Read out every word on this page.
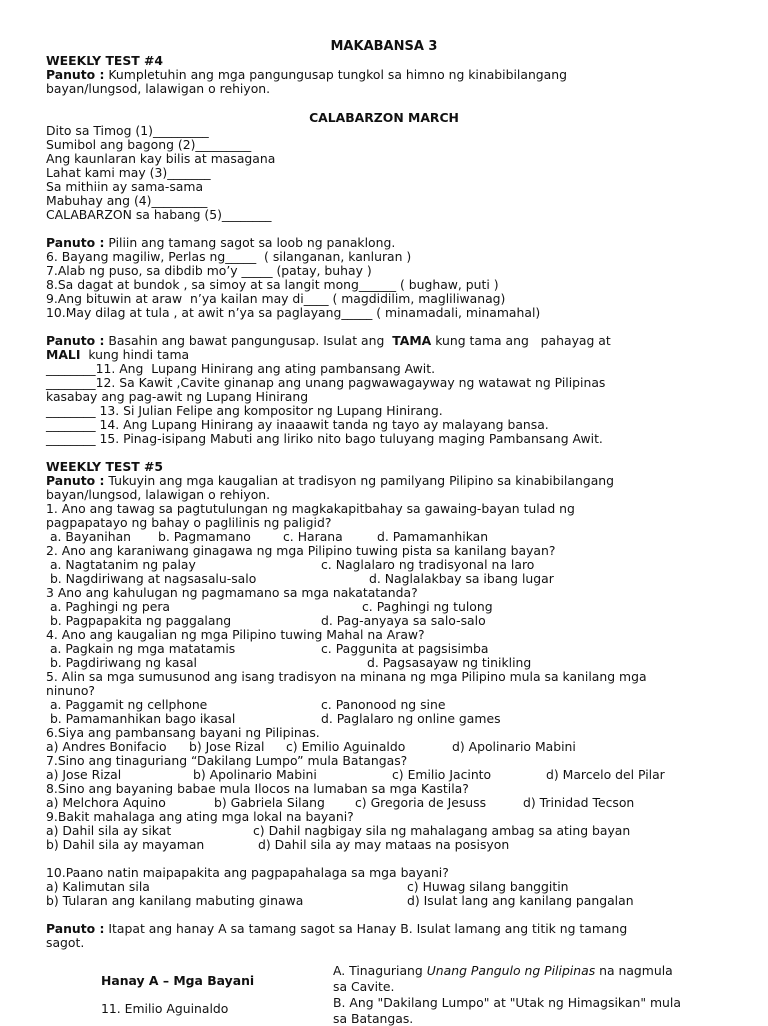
MAKABANSA 3
WEEKLY TEST #4
Panuto : Kumpletuhin ang mga pangungusap tungkol sa himno ng kinabibilangang
bayan/lungsod, lalawigan o rehiyon.
CALABARZON MARCH
Dito sa Timog (1)_________
Sumibol ang bagong (2)_________
Ang kaunlaran kay bilis at masagana
Lahat kami may (3)_______
Sa mithiin ay sama-sama
Mabuhay ang (4)_________
CALABARZON sa habang (5)________
Panuto : Piliin ang tamang sagot sa loob ng panaklong.
6. Bayang magiliw, Perlas ng_____  ( silanganan, kanluran )
7.Alab ng puso, sa dibdib mo’y _____ (patay, buhay )
8.Sa dagat at bundok , sa simoy at sa langit mong______ ( bughaw, puti )
9.Ang bituwin at araw  n’ya kailan may di____ ( magdidilim, magliliwanag)
10.May dilag at tula , at awit n’ya sa paglayang_____ ( minamadali, minamahal)
Panuto : Basahin ang bawat pangungusap. Isulat ang  TAMA kung tama ang   pahayag at
MALI  kung hindi tama
________11. Ang  Lupang Hinirang ang ating pambansang Awit.
________12. Sa Kawit ,Cavite ginanap ang unang pagwawagayway ng watawat ng Pilipinas
kasabay ang pag-awit ng Lupang Hinirang
________ 13. Si Julian Felipe ang kompositor ng Lupang Hinirang.
________ 14. Ang Lupang Hinirang ay inaaawit tanda ng tayo ay malayang bansa.
________ 15. Pinag-isipang Mabuti ang liriko nito bago tuluyang maging Pambansang Awit.
WEEKLY TEST #5
Panuto : Tukuyin ang mga kaugalian at tradisyon ng pamilyang Pilipino sa kinabibilangang
bayan/lungsod, lalawigan o rehiyon.
1. Ano ang tawag sa pagtutulungan ng magkakapitbahay sa gawaing-bayan tulad ng
pagpapatayo ng bahay o paglilinis ng paligid?
a. Bayanihan b. Pagmamano	c. Harana	d. Pamamanhikan
2. Ano ang karaniwang ginagawa ng mga Pilipino tuwing pista sa kanilang bayan?
a. Nagtatanim ng palay	c. Naglalaro ng tradisyonal na laro
b. Nagdiriwang at nagsasalu-salo	d. Naglalakbay sa ibang lugar
3 Ano ang kahulugan ng pagmamano sa mga nakatatanda?
a. Paghingi ng pera	c. Paghingi ng tulong
b. Pagpapakita ng paggalang	d. Pag-anyaya sa salo-salo
4. Ano ang kaugalian ng mga Pilipino tuwing Mahal na Araw?
a. Pagkain ng mga matatamis	c. Paggunita at pagsisimba
b. Pagdiriwang ng kasal	d. Pagsasayaw ng tinikling
5. Alin sa mga sumusunod ang isang tradisyon na minana ng mga Pilipino mula sa kanilang mga
ninuno?
a. Paggamit ng cellphone	c. Panonood ng sine
b. Pamamanhikan bago ikasal	d. Paglalaro ng online games
6.Siya ang pambansang bayani ng Pilipinas.
a) Andres Bonifacio b) Jose Rizal c) Emilio Aguinaldo	d) Apolinario Mabini
7.Sino ang tinaguriang “Dakilang Lumpo” mula Batangas?
a) Jose Rizal	b) Apolinario Mabini	c) Emilio Jacinto	d) Marcelo del Pilar
8.Sino ang bayaning babae mula Ilocos na lumaban sa mga Kastila?
a) Melchora Aquino	b) Gabriela Silang c) Gregoria de Jesuss	d) Trinidad Tecson
9.Bakit mahalaga ang ating mga lokal na bayani?
a) Dahil sila ay sikat	c) Dahil nagbigay sila ng mahalagang ambag sa ating bayan
b) Dahil sila ay mayaman	d) Dahil sila ay may mataas na posisyon
10.Paano natin maipapakita ang pagpapahalaga sa mga bayani?
a) Kalimutan sila	c) Huwag silang banggitin
b) Tularan ang kanilang mabuting ginawa	d) Isulat lang ang kanilang pangalan
Panuto : Itapat ang hanay A sa tamang sagot sa Hanay B. Isulat lamang ang titik ng tamang
sagot.
Hanay A – Mga Bayani
11. Emilio Aguinaldo
A. Tinaguriang Unang Pangulo ng Pilipinas na nagmula
sa Cavite.
B. Ang "Dakilang Lumpo" at "Utak ng Himagsikan" mula
sa Batangas.
